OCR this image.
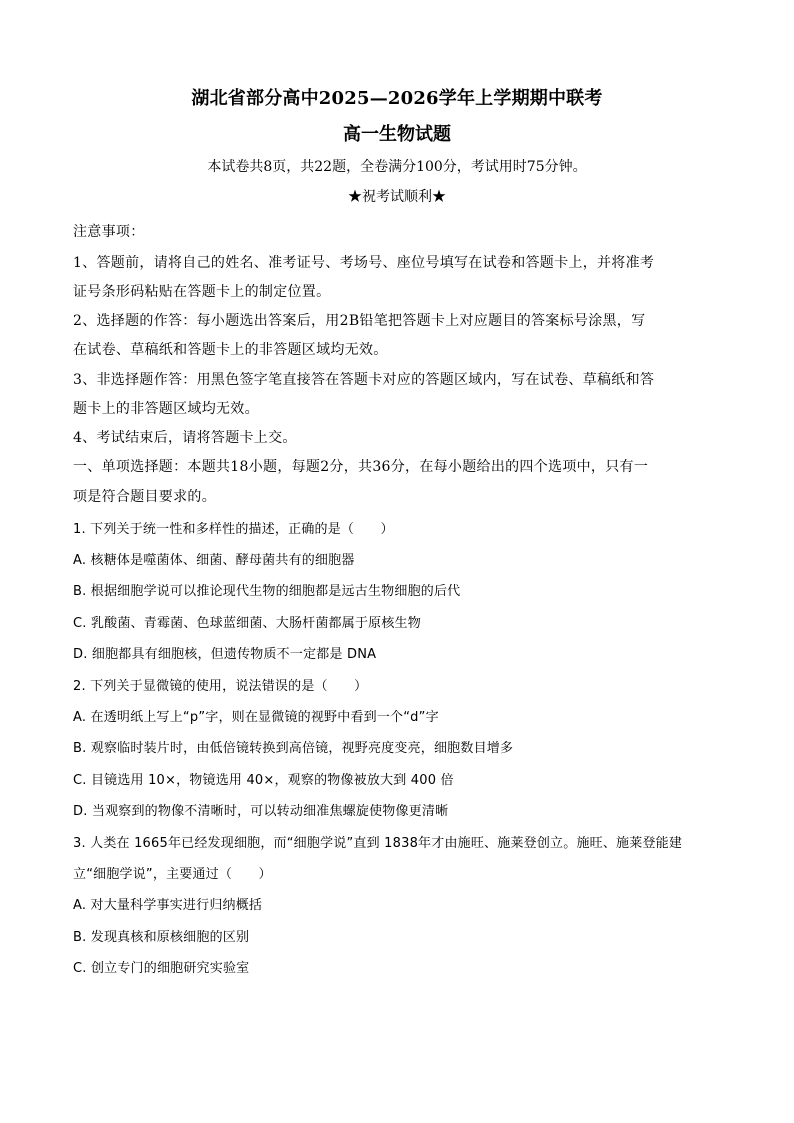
湖北省部分高中2025—2026学年上学期期中联考
高一生物试题
本试卷共8页，共22题，全卷满分100分，考试用时75分钟。
★祝考试顺利★
注意事项：
1、答题前，请将自己的姓名、准考证号、考场号、座位号填写在试卷和答题卡上，并将准考
证号条形码粘贴在答题卡上的制定位置。
2、选择题的作答：每小题选出答案后，用2B铅笔把答题卡上对应题目的答案标号涂黑，写
在试卷、草稿纸和答题卡上的非答题区域均无效。
3、非选择题作答：用黑色签字笔直接答在答题卡对应的答题区域内，写在试卷、草稿纸和答
题卡上的非答题区域均无效。
4、考试结束后，请将答题卡上交。
一、单项选择题：本题共18小题，每题2分，共36分，在每小题给出的四个选项中，只有一
项是符合题目要求的。
1. 下列关于统一性和多样性的描述，正确的是（　　）
A. 核糖体是噬菌体、细菌、酵母菌共有的细胞器
B. 根据细胞学说可以推论现代生物的细胞都是远古生物细胞的后代
C. 乳酸菌、青霉菌、色球蓝细菌、大肠杆菌都属于原核生物
D. 细胞都具有细胞核，但遗传物质不一定都是 DNA
2. 下列关于显微镜的使用，说法错误的是（　　）
A. 在透明纸上写上“p”字，则在显微镜的视野中看到一个“d”字
B. 观察临时装片时，由低倍镜转换到高倍镜，视野亮度变亮，细胞数目增多
C. 目镜选用 10×，物镜选用 40×，观察的物像被放大到 400 倍
D. 当观察到的物像不清晰时，可以转动细准焦螺旋使物像更清晰
3. 人类在 1665年已经发现细胞，而“细胞学说”直到 1838年才由施旺、施莱登创立。施旺、施莱登能建
立“细胞学说”，主要通过（　　）
A. 对大量科学事实进行归纳概括
B. 发现真核和原核细胞的区别
C. 创立专门的细胞研究实验室
